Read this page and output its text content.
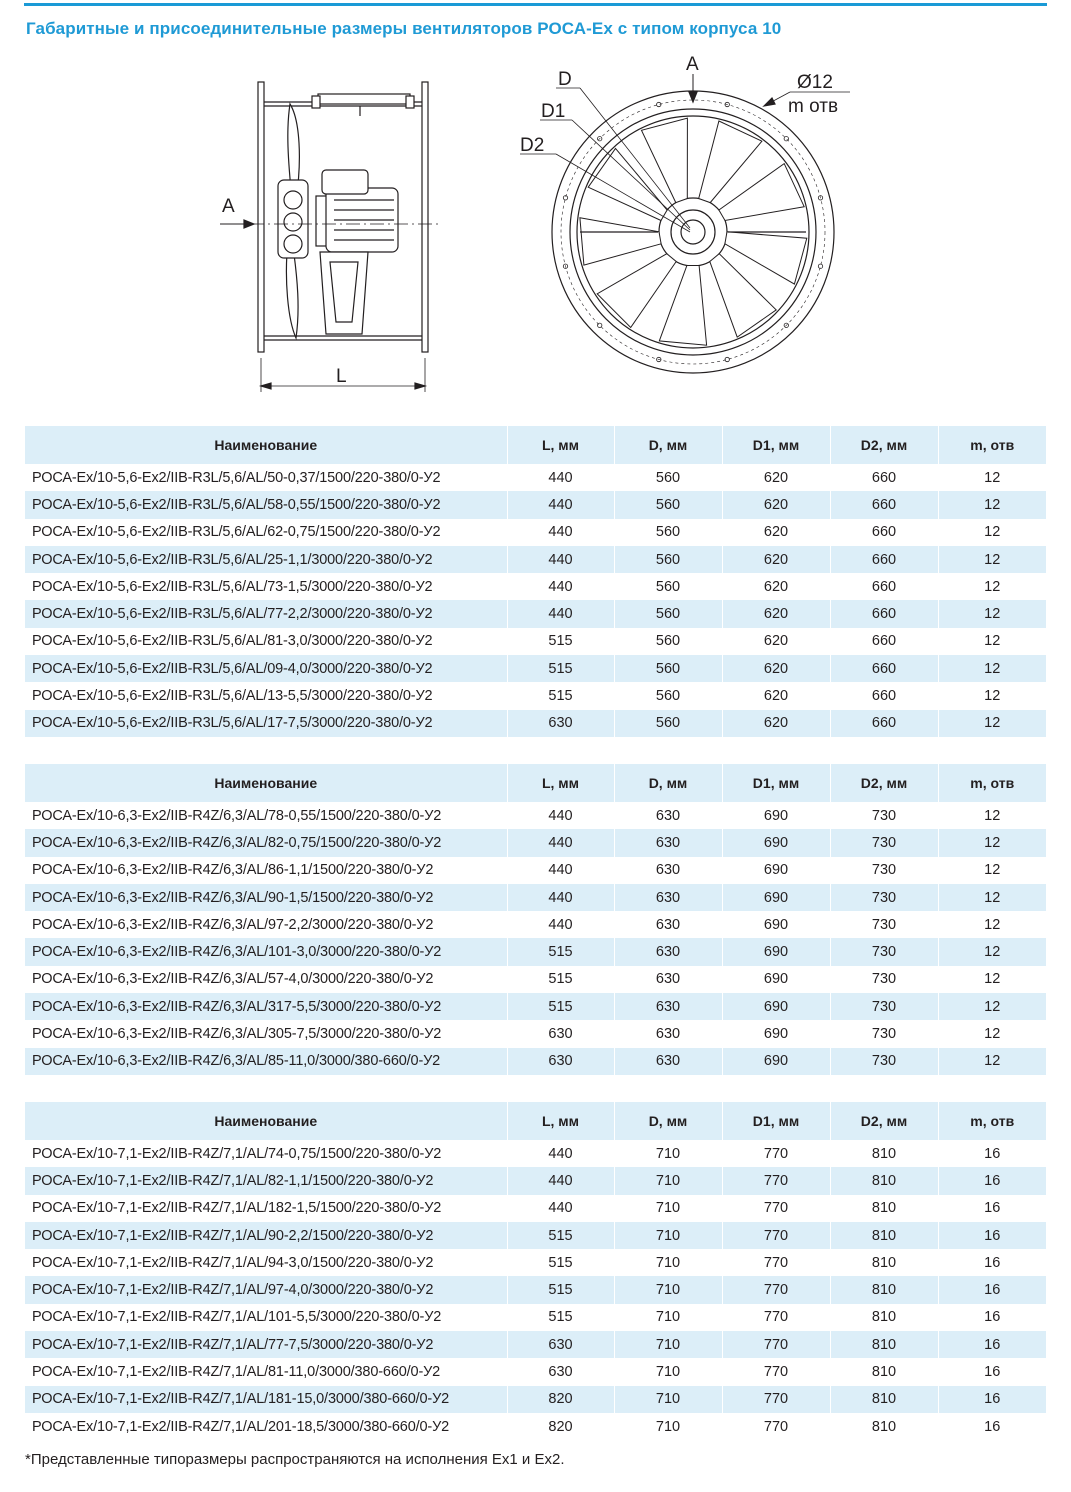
Габаритные и присоединительные размеры вентиляторов РОСА-Ех с типом корпуса 10
A
L
A
D
D1
D2
Ø12
m отв
Наименование	L, мм	D, мм	D1, мм	D2, мм	m, отв
РОСА-Ex/10-5,6-Ex2/IIB-R3L/5,6/AL/50-0,37/1500/220-380/0-У2	440	560	620	660	12
РОСА-Ex/10-5,6-Ex2/IIB-R3L/5,6/AL/58-0,55/1500/220-380/0-У2	440	560	620	660	12
РОСА-Ex/10-5,6-Ex2/IIB-R3L/5,6/AL/62-0,75/1500/220-380/0-У2	440	560	620	660	12
РОСА-Ex/10-5,6-Ex2/IIB-R3L/5,6/AL/25-1,1/3000/220-380/0-У2	440	560	620	660	12
РОСА-Ex/10-5,6-Ex2/IIB-R3L/5,6/AL/73-1,5/3000/220-380/0-У2	440	560	620	660	12
РОСА-Ex/10-5,6-Ex2/IIB-R3L/5,6/AL/77-2,2/3000/220-380/0-У2	440	560	620	660	12
РОСА-Ex/10-5,6-Ex2/IIB-R3L/5,6/AL/81-3,0/3000/220-380/0-У2	515	560	620	660	12
РОСА-Ex/10-5,6-Ex2/IIB-R3L/5,6/AL/09-4,0/3000/220-380/0-У2	515	560	620	660	12
РОСА-Ex/10-5,6-Ex2/IIB-R3L/5,6/AL/13-5,5/3000/220-380/0-У2	515	560	620	660	12
РОСА-Ex/10-5,6-Ex2/IIB-R3L/5,6/AL/17-7,5/3000/220-380/0-У2	630	560	620	660	12
Наименование	L, мм	D, мм	D1, мм	D2, мм	m, отв
РОСА-Ex/10-6,3-Ex2/IIB-R4Z/6,3/AL/78-0,55/1500/220-380/0-У2	440	630	690	730	12
РОСА-Ex/10-6,3-Ex2/IIB-R4Z/6,3/AL/82-0,75/1500/220-380/0-У2	440	630	690	730	12
РОСА-Ex/10-6,3-Ex2/IIB-R4Z/6,3/AL/86-1,1/1500/220-380/0-У2	440	630	690	730	12
РОСА-Ex/10-6,3-Ex2/IIB-R4Z/6,3/AL/90-1,5/1500/220-380/0-У2	440	630	690	730	12
РОСА-Ex/10-6,3-Ex2/IIB-R4Z/6,3/AL/97-2,2/3000/220-380/0-У2	440	630	690	730	12
РОСА-Ex/10-6,3-Ex2/IIB-R4Z/6,3/AL/101-3,0/3000/220-380/0-У2	515	630	690	730	12
РОСА-Ex/10-6,3-Ex2/IIB-R4Z/6,3/AL/57-4,0/3000/220-380/0-У2	515	630	690	730	12
РОСА-Ex/10-6,3-Ex2/IIB-R4Z/6,3/AL/317-5,5/3000/220-380/0-У2	515	630	690	730	12
РОСА-Ex/10-6,3-Ex2/IIB-R4Z/6,3/AL/305-7,5/3000/220-380/0-У2	630	630	690	730	12
РОСА-Ex/10-6,3-Ex2/IIB-R4Z/6,3/AL/85-11,0/3000/380-660/0-У2	630	630	690	730	12
Наименование	L, мм	D, мм	D1, мм	D2, мм	m, отв
РОСА-Ex/10-7,1-Ex2/IIB-R4Z/7,1/AL/74-0,75/1500/220-380/0-У2	440	710	770	810	16
РОСА-Ex/10-7,1-Ex2/IIB-R4Z/7,1/AL/82-1,1/1500/220-380/0-У2	440	710	770	810	16
РОСА-Ex/10-7,1-Ex2/IIB-R4Z/7,1/AL/182-1,5/1500/220-380/0-У2	440	710	770	810	16
РОСА-Ex/10-7,1-Ex2/IIB-R4Z/7,1/AL/90-2,2/1500/220-380/0-У2	515	710	770	810	16
РОСА-Ex/10-7,1-Ex2/IIB-R4Z/7,1/AL/94-3,0/1500/220-380/0-У2	515	710	770	810	16
РОСА-Ex/10-7,1-Ex2/IIB-R4Z/7,1/AL/97-4,0/3000/220-380/0-У2	515	710	770	810	16
РОСА-Ex/10-7,1-Ex2/IIB-R4Z/7,1/AL/101-5,5/3000/220-380/0-У2	515	710	770	810	16
РОСА-Ex/10-7,1-Ex2/IIB-R4Z/7,1/AL/77-7,5/3000/220-380/0-У2	630	710	770	810	16
РОСА-Ex/10-7,1-Ex2/IIB-R4Z/7,1/AL/81-11,0/3000/380-660/0-У2	630	710	770	810	16
РОСА-Ex/10-7,1-Ex2/IIB-R4Z/7,1/AL/181-15,0/3000/380-660/0-У2	820	710	770	810	16
РОСА-Ex/10-7,1-Ex2/IIB-R4Z/7,1/AL/201-18,5/3000/380-660/0-У2	820	710	770	810	16
*Представленные типоразмеры распространяются на исполнения Ех1 и Ех2.
